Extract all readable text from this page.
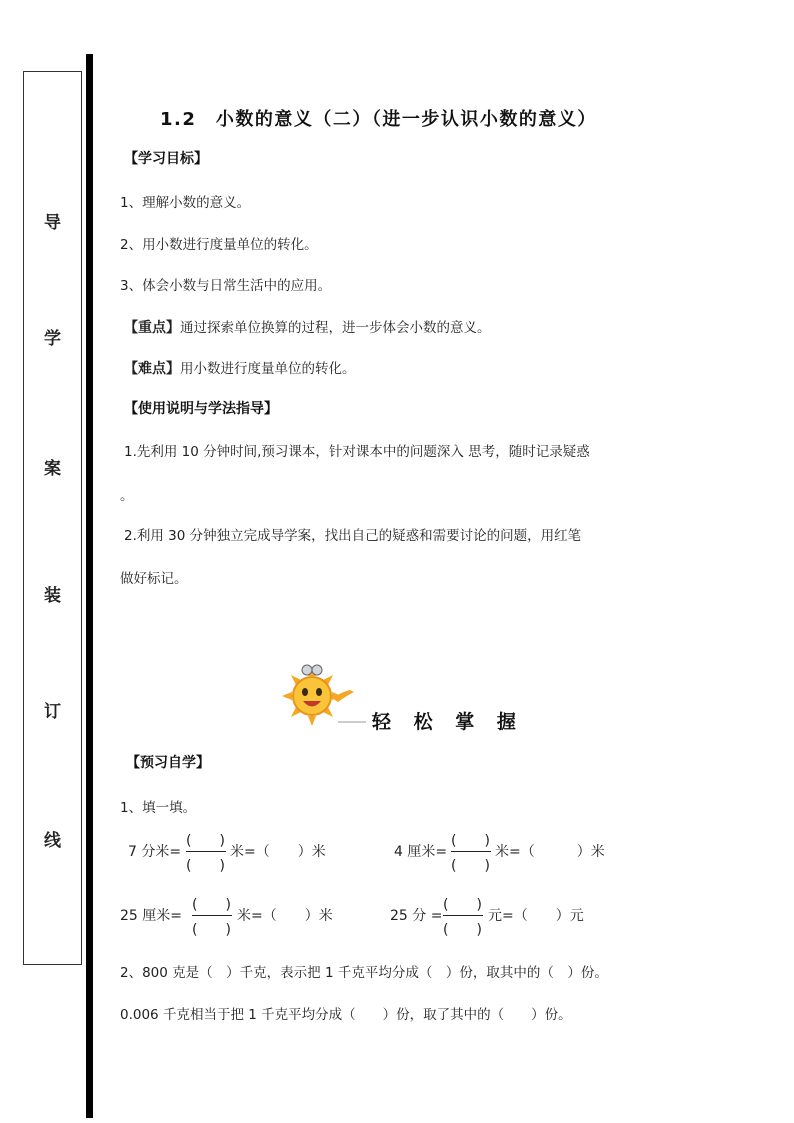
导
学
案
装
订
线
1.2　小数的意义（二）（进一步认识小数的意义）
【学习目标】
1、理解小数的意义。
2、用小数进行度量单位的转化。
3、体会小数与日常生活中的应用。
【重点】通过探索单位换算的过程，进一步体会小数的意义。
【难点】用小数进行度量单位的转化。
【使用说明与学法指导】
1.先利用 10 分钟时间,预习课本，针对课本中的问题深入 思考，随时记录疑惑
。
2.利用 30 分钟独立完成导学案，找出自己的疑惑和需要讨论的问题，用红笔
做好标记。
轻 松 掌 握
【预习自学】
1、填一填。
7 分米=
(　　)
(　　)
米=（　　）米	4 厘米=
(　　)
(　　)
米=（　　　）米
25 厘米=
(　　)
(　　)
米=（　　）米	25 分 =
(　　)
(　　)
元=（　　）元
2、800 克是（　）千克，表示把 1 千克平均分成（　）份，取其中的（　）份。
0.006 千克相当于把 1 千克平均分成（　　）份，取了其中的（　　）份。
